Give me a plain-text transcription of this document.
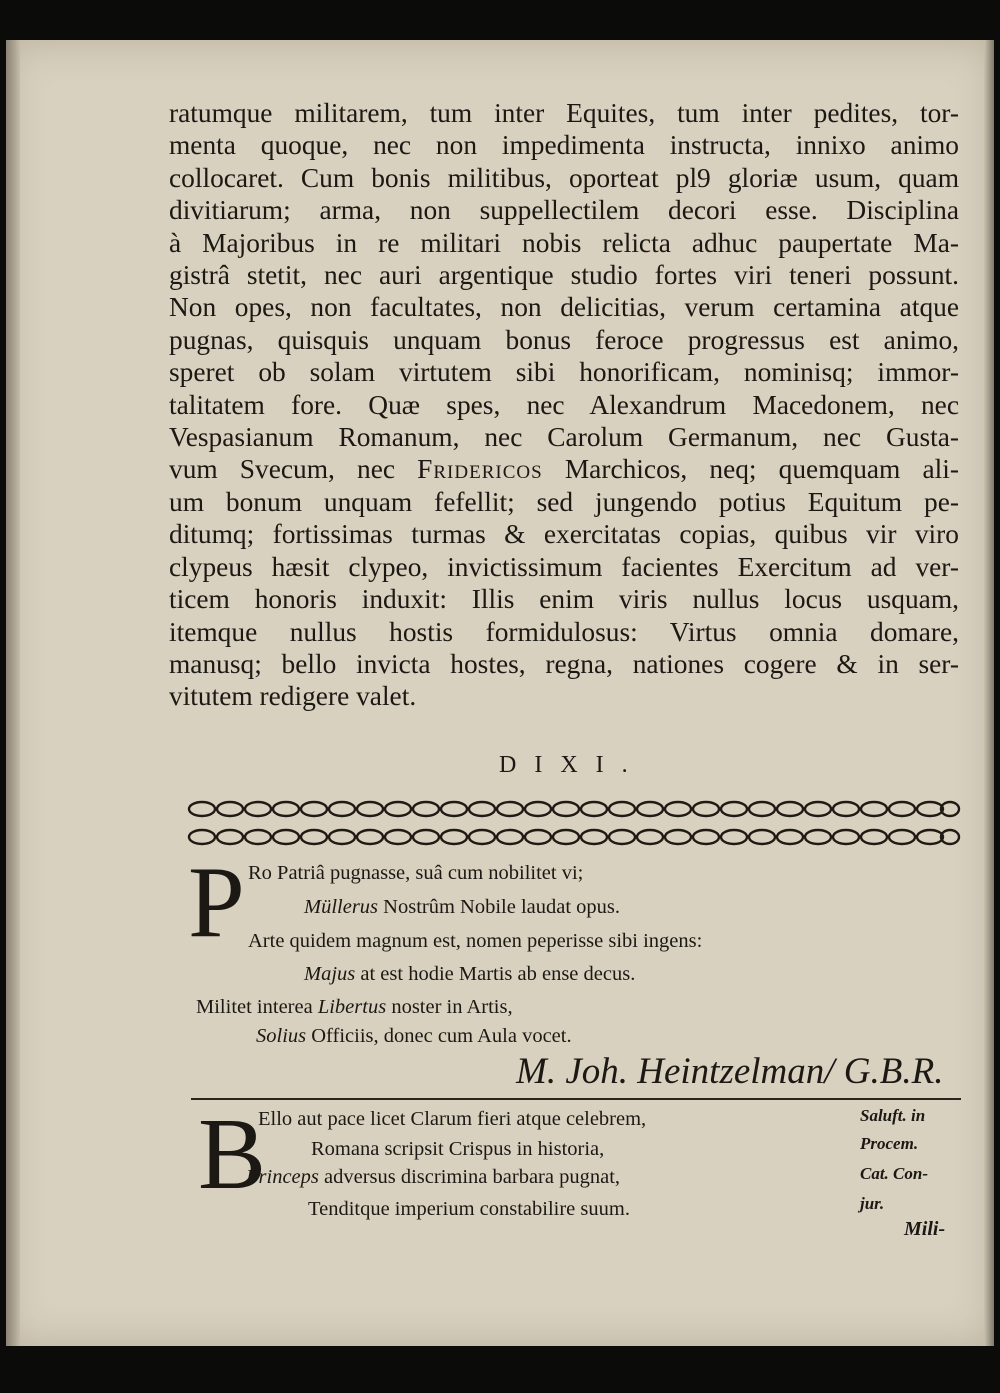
ratumque militarem, tum inter Equites, tum inter pedites, tor-
menta quoque, nec non impedimenta instructa, innixo animo
collocaret. Cum bonis militibus, oporteat pl9 gloriæ usum, quam
divitiarum; arma, non suppellectilem decori esse. Disciplina
à Majoribus in re militari nobis relicta adhuc paupertate Ma-
gistrâ stetit, nec auri argentique studio fortes viri teneri possunt.
Non opes, non facultates, non delicitias, verum certamina atque
pugnas, quisquis unquam bonus feroce progressus est animo,
speret ob solam virtutem sibi honorificam, nominisq; immor-
talitatem fore. Quæ spes, nec Alexandrum Macedonem, nec
Vespasianum Romanum, nec Carolum Germanum, nec Gusta-
vum Svecum, nec Fridericos Marchicos, neq; quemquam ali-
um bonum unquam fefellit; sed jungendo potius Equitum pe-
ditumq; fortissimas turmas & exercitatas copias, quibus vir viro
clypeus hæsit clypeo, invictissimum facientes Exercitum ad ver-
ticem honoris induxit: Illis enim viris nullus locus usquam,
itemque nullus hostis formidulosus: Virtus omnia domare,
manusq; bello invicta hostes, regna, nationes cogere & in ser-
vitutem redigere valet.
DIXI.
P Ro Patriâ pugnasse, suâ cum nobilitet vi;
Müllerus Nostrûm Nobile laudat opus.
Arte quidem magnum est, nomen peperisse sibi ingens:
Majus at est hodie Martis ab ense decus.
Militet interea Libertus noster in Artis,
Solius Officiis, donec cum Aula vocet.
M. Joh. Heintzelman/ G.B.R.
B
Ello aut pace licet Clarum fieri atque celebrem,
Romana scripsit Crispus in historia,
Princeps adversus discrimina barbara pugnat,
Tenditque imperium constabilire suum.
Saluft. in
Procem.
Cat. Con-
jur.
Mili-
